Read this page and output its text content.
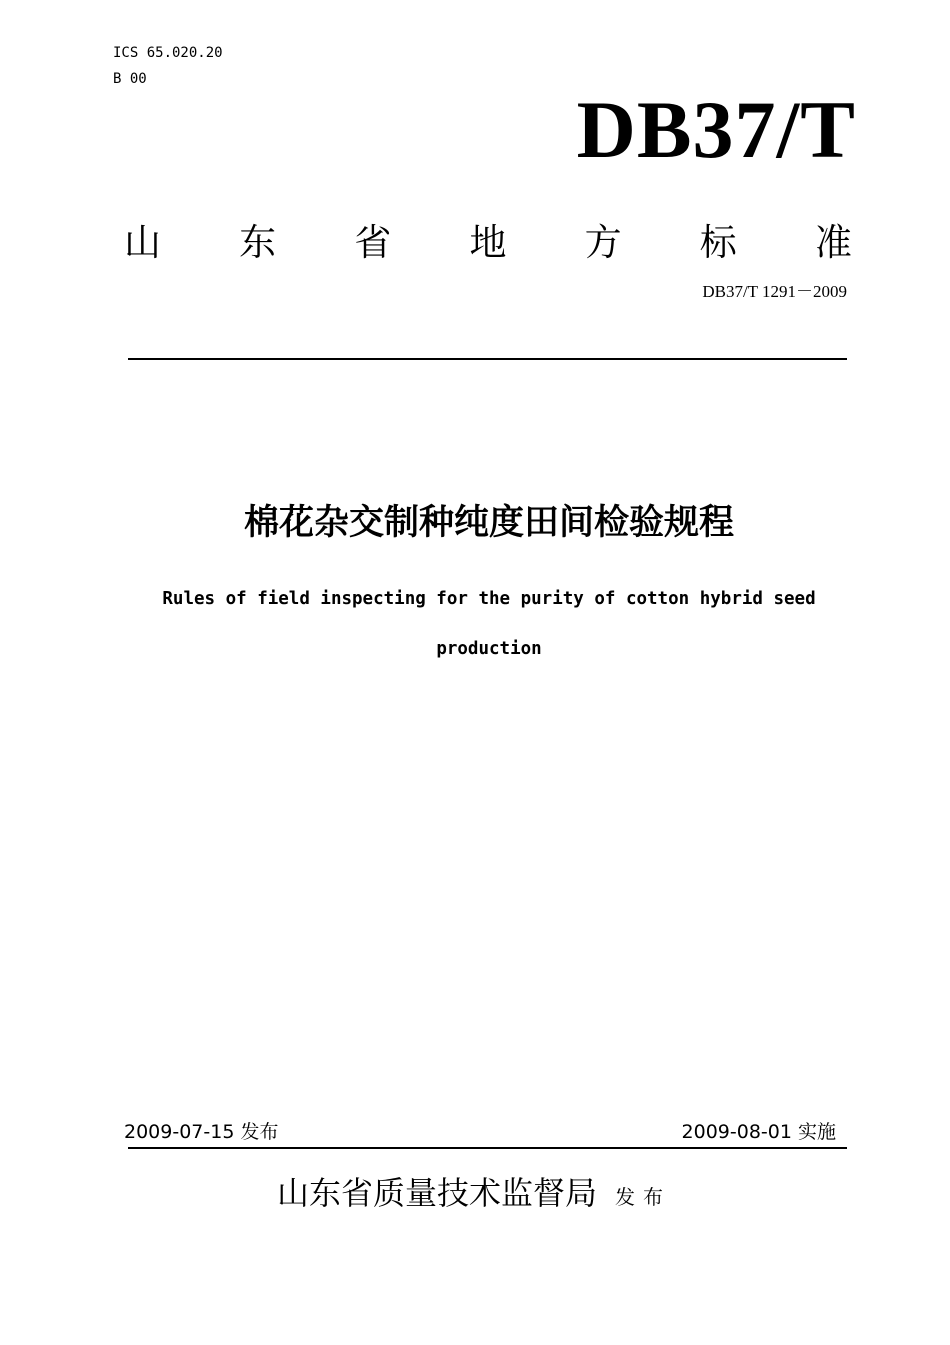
ICS 65.020.20
B 00
DB37/T
山 东 省 地 方 标 准
DB37/T 1291－2009
棉花杂交制种纯度田间检验规程
Rules of field inspecting for the purity of cotton hybrid seed production
2009-07-15 发布	2009-08-01 实施
山东省质量技术监督局 发布
